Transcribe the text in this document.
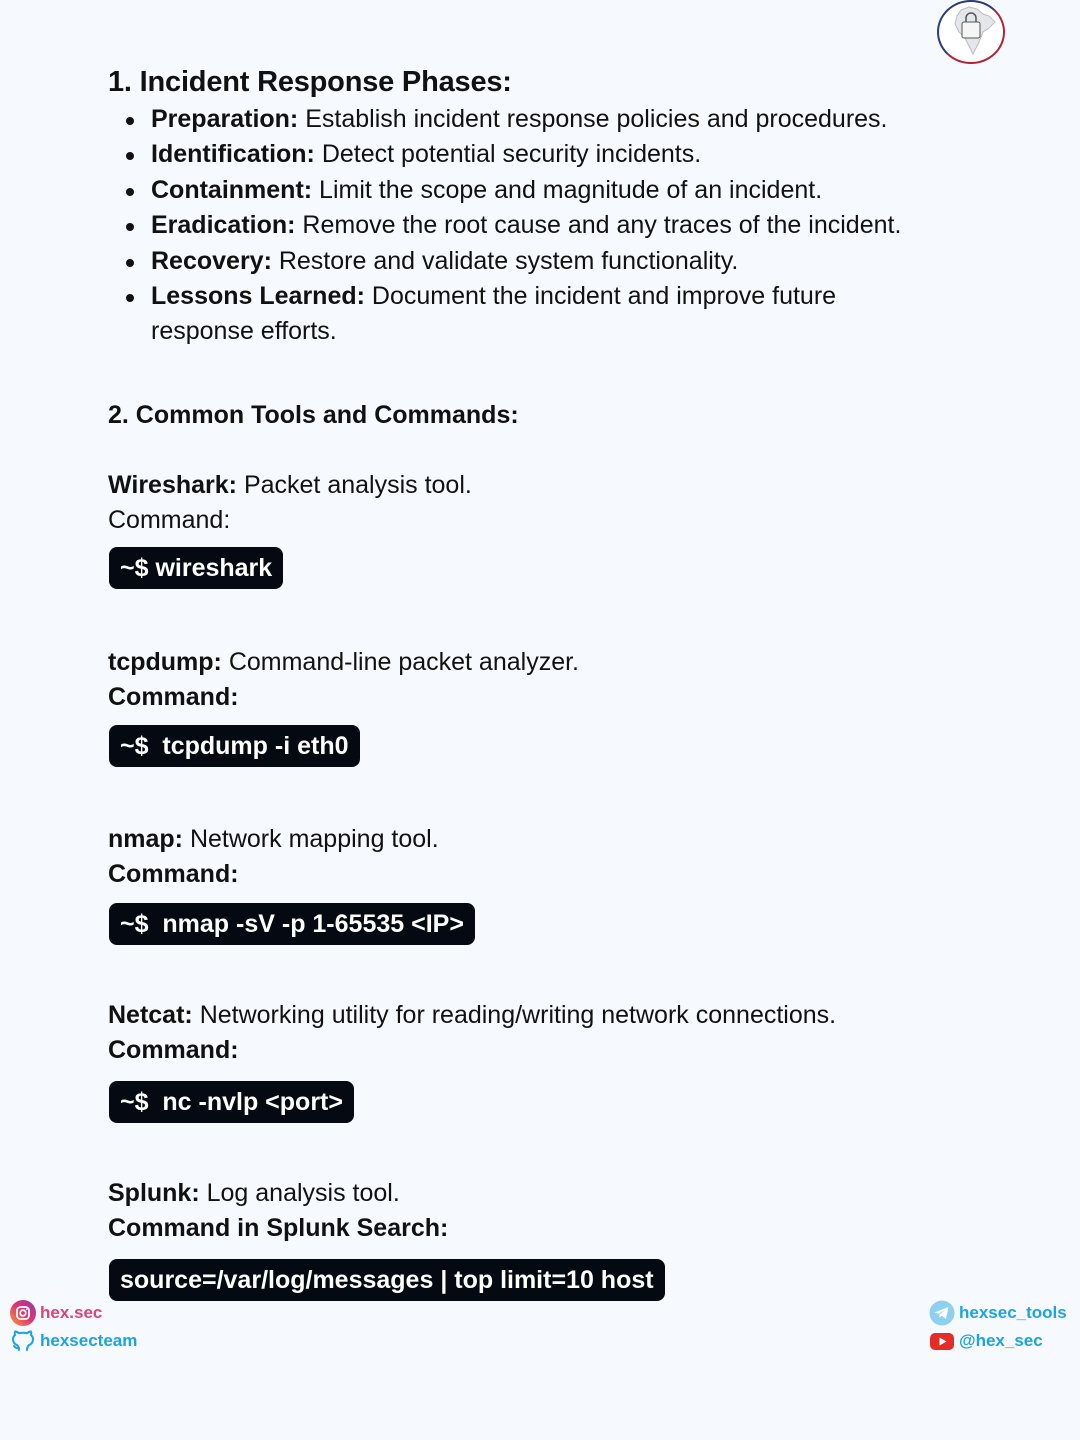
1. Incident Response Phases:
Preparation: Establish incident response policies and procedures.
Identification: Detect potential security incidents.
Containment: Limit the scope and magnitude of an incident.
Eradication: Remove the root cause and any traces of the incident.
Recovery: Restore and validate system functionality.
Lessons Learned: Document the incident and improve future response efforts.
2. Common Tools and Commands:
Wireshark: Packet analysis tool.
Command:
~$ wireshark
tcpdump: Command-line packet analyzer.
Command:
~$  tcpdump -i eth0
nmap: Network mapping tool.
Command:
~$  nmap -sV -p 1-65535 <IP>
Netcat: Networking utility for reading/writing network connections.
Command:
~$  nc -nvlp <port>
Splunk: Log analysis tool.
Command in Splunk Search:
source=/var/log/messages | top limit=10 host
hex.sec
hexsecteam
hexsec_tools
@hex_sec
